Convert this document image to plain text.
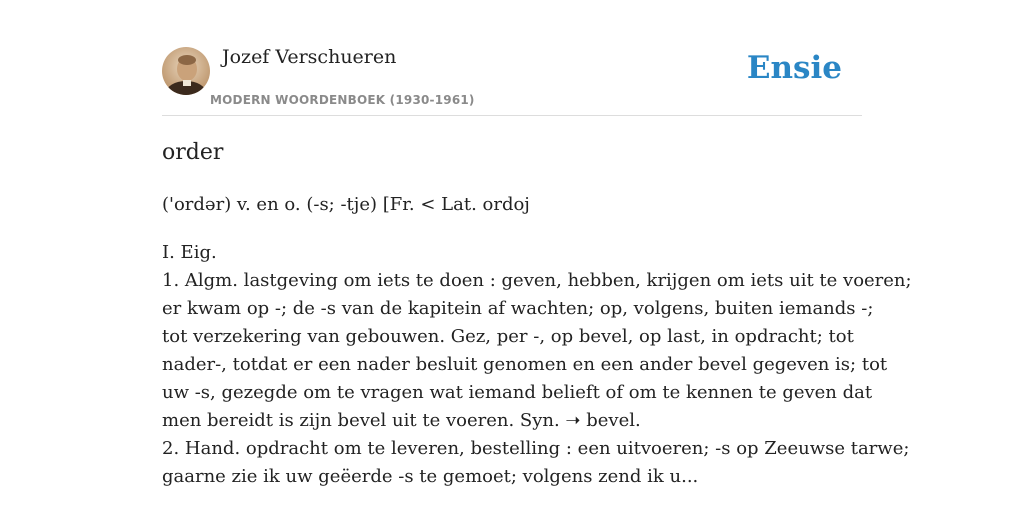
Jozef Verschueren
MODERN WOORDENBOEK (1930-1961)
Ensie
order
('ordər) v. en o. (-s; -tje) [Fr. < Lat. ordoj
I. Eig.
1. Algm. lastgeving om iets te doen : geven, hebben, krijgen om iets uit te voeren;
er kwam op -; de -s van de kapitein af wachten; op, volgens, buiten iemands -;
tot verzekering van gebouwen. Gez, per -, op bevel, op last, in opdracht; tot
nader-, totdat er een nader besluit genomen en een ander bevel gegeven is; tot
uw -s, gezegde om te vragen wat iemand belieft of om te kennen te geven dat
men bereidt is zijn bevel uit te voeren. Syn. ➝ bevel.
2. Hand. opdracht om te leveren, bestelling : een uitvoeren; -s op Zeeuwse tarwe;
gaarne zie ik uw geëerde -s te gemoet; volgens zend ik u...
